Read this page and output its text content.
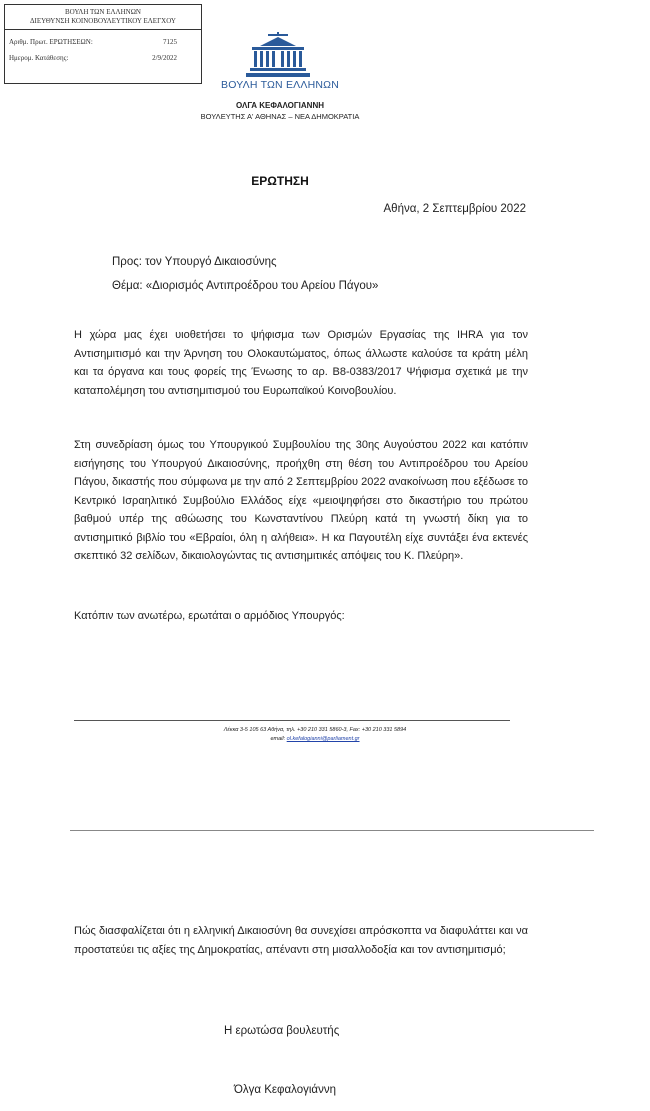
ΒΟΥΛΗ ΤΩΝ ΕΛΛΗΝΩΝ
ΔΙΕΥΘΥΝΣΗ ΚΟΙΝΟΒΟΥΛΕΥΤΙΚΟΥ ΕΛΕΓΧΟΥ
Αριθμ. Πρωτ. ΕΡΩΤΗΣΕΩΝ:	7125
Ημερομ. Κατάθεσης:	2/9/2022
ΒΟΥΛΗ ΤΩΝ ΕΛΛΗΝΩΝ
ΟΛΓΑ ΚΕΦΑΛΟΓΙΑΝΝΗ
ΒΟΥΛΕΥΤΗΣ Α' ΑΘΗΝΑΣ – ΝΕΑ ΔΗΜΟΚΡΑΤΙΑ
ΕΡΩΤΗΣΗ
Αθήνα, 2 Σεπτεμβρίου 2022
Προς: τον Υπουργό Δικαιοσύνης
Θέμα: «Διορισμός Αντιπροέδρου του Αρείου Πάγου»
Η χώρα μας έχει υιοθετήσει το ψήφισμα των Ορισμών Εργασίας της IHRA για τον Αντισημιτισμό και την Άρνηση του Ολοκαυτώματος, όπως άλλωστε καλούσε τα κράτη μέλη και τα όργανα και τους φορείς της Ένωσης το αρ. Β8-0383/2017 Ψήφισμα σχετικά με την καταπολέμηση του αντισημιτισμού του Ευρωπαϊκού Κοινοβουλίου.
Στη συνεδρίαση όμως του Υπουργικού Συμβουλίου της 30ης Αυγούστου 2022 και κατόπιν εισήγησης του Υπουργού Δικαιοσύνης, προήχθη στη θέση του Αντιπροέδρου του Αρείου Πάγου, δικαστής που σύμφωνα με την από 2 Σεπτεμβρίου 2022 ανακοίνωση που εξέδωσε το Κεντρικό Ισραηλιτικό Συμβούλιο Ελλάδος είχε «μειοψηφήσει στο δικαστήριο του πρώτου βαθμού υπέρ της αθώωσης του Κωνσταντίνου Πλεύρη κατά τη γνωστή δίκη για το αντισημιτικό βιβλίο του «Εβραίοι, όλη η αλήθεια». Η κα Παγουτέλη είχε συντάξει ένα εκτενές σκεπτικό 32 σελίδων, δικαιολογώντας τις αντισημιτικές απόψεις του Κ. Πλεύρη».
Κατόπιν των ανωτέρω, ερωτάται ο αρμόδιος Υπουργός:
Λέκκα 3-5 105 63 Αθήνα, τηλ. +30 210 331 5860-3, Fax: +30 210 331 5894
email: ol.kefalogianni@parliament.gr
Πώς διασφαλίζεται ότι η ελληνική Δικαιοσύνη θα συνεχίσει απρόσκοπτα να διαφυλάττει και να προστατεύει τις αξίες της Δημοκρατίας, απέναντι στη μισαλλοδοξία και τον αντισημιτισμό;
Η ερωτώσα βουλευτής
Όλγα Κεφαλογιάννη
